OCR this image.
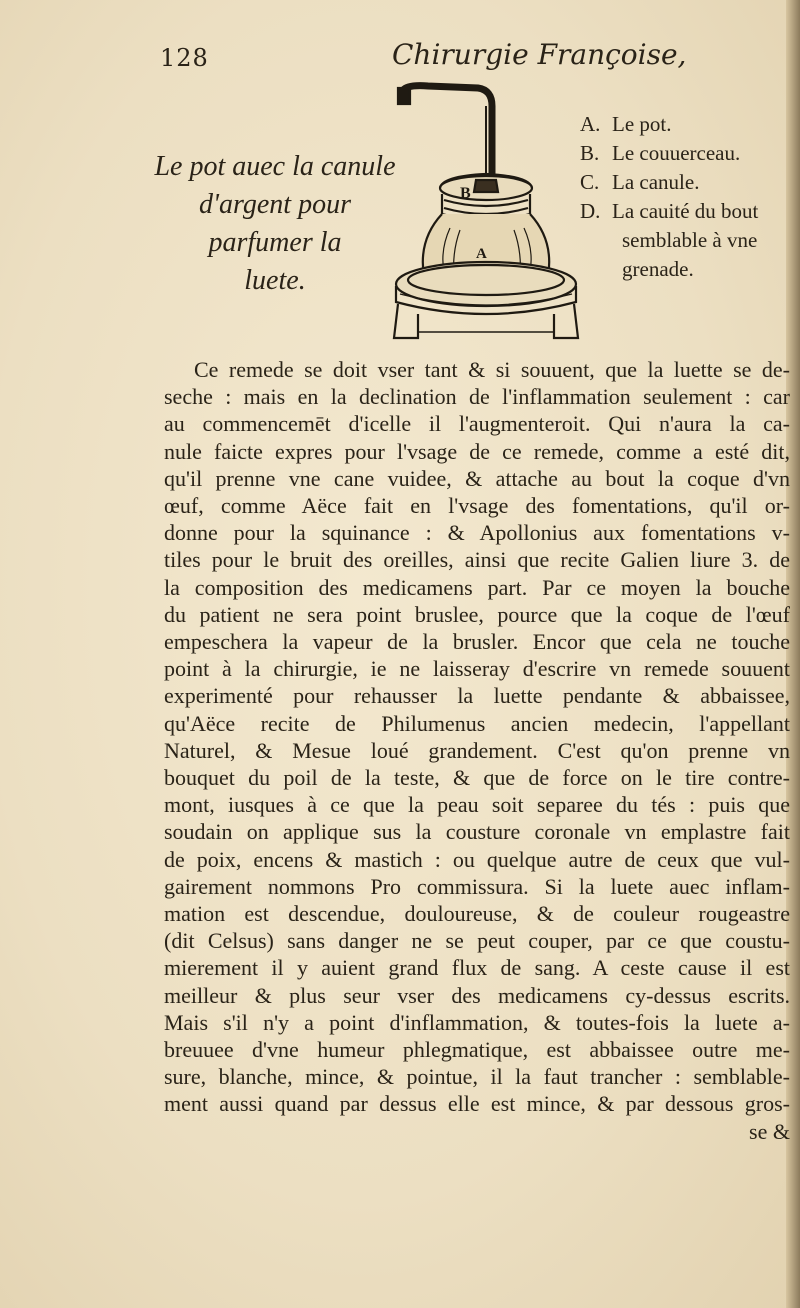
128	Chirurgie Françoise,
Le pot auec la canule
d'argent pour
parfumer la
luete.
B
A
A. Le pot.
B. Le couuerceau.
C. La canule.
D. La cauité du bout
semblable à vne
grenade.
Ce remede se doit vser tant & si souuent, que la luette se de-
seche : mais en la declination de l'inflammation seulement : car
au commencemēt d'icelle il l'augmenteroit. Qui n'aura la ca-
nule faicte expres pour l'vsage de ce remede, comme a esté dit,
qu'il prenne vne cane vuidee, & attache au bout la coque d'vn
œuf, comme Aëce fait en l'vsage des fomentations, qu'il or-
donne pour la squinance : & Apollonius aux fomentations v-
tiles pour le bruit des oreilles, ainsi que recite Galien liure 3. de
la composition des medicamens part. Par ce moyen la bouche
du patient ne sera point bruslee, pource que la coque de l'œuf
empeschera la vapeur de la brusler. Encor que cela ne touche
point à la chirurgie, ie ne laisseray d'escrire vn remede souuent
experimenté pour rehausser la luette pendante & abbaissee,
qu'Aëce recite de Philumenus ancien medecin, l'appellant
Naturel, & Mesue loué grandement. C'est qu'on prenne vn
bouquet du poil de la teste, & que de force on le tire contre-
mont, iusques à ce que la peau soit separee du tés : puis que
soudain on applique sus la cousture coronale vn emplastre fait
de poix, encens & mastich : ou quelque autre de ceux que vul-
gairement nommons Pro commissura. Si la luete auec inflam-
mation est descendue, douloureuse, & de couleur rougeastre
(dit Celsus) sans danger ne se peut couper, par ce que coustu-
mierement il y auient grand flux de sang. A ceste cause il est
meilleur & plus seur vser des medicamens cy-dessus escrits.
Mais s'il n'y a point d'inflammation, & toutes-fois la luete a-
breuuee d'vne humeur phlegmatique, est abbaissee outre me-
sure, blanche, mince, & pointue, il la faut trancher : semblable-
ment aussi quand par dessus elle est mince, & par dessous gros-
se &
